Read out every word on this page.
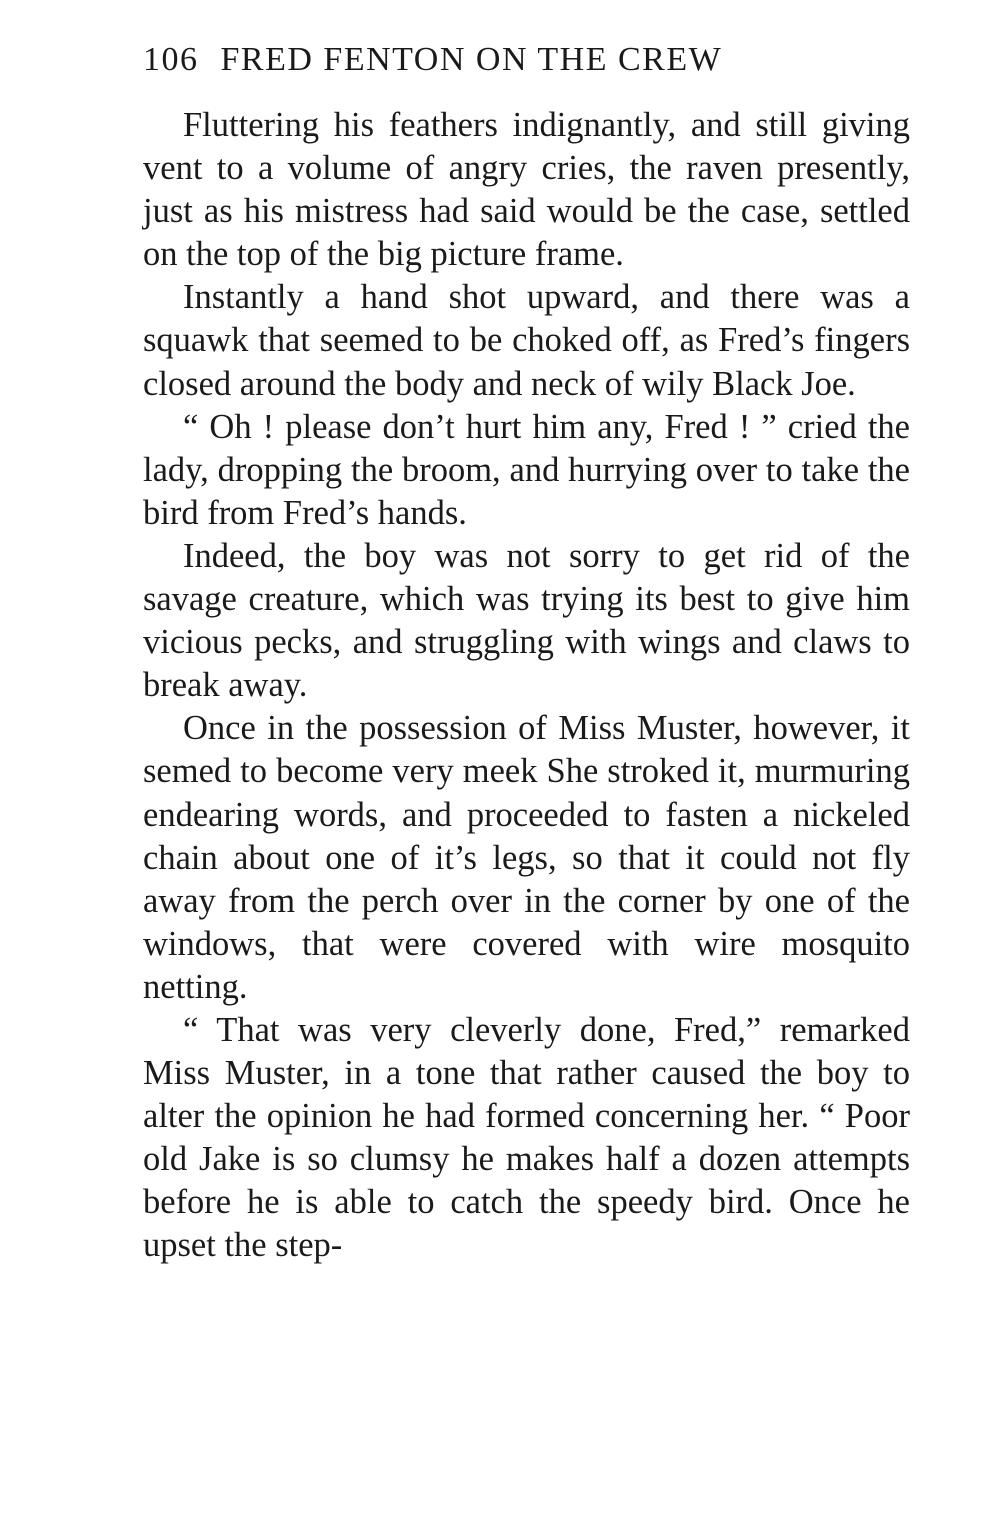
106 FRED FENTON ON THE CREW

Fluttering his feathers indignantly, and still giving vent to a volume of angry cries, the raven presently, just as his mistress had said would be the case, settled on the top of the big picture frame.

Instantly a hand shot upward, and there was a squawk that seemed to be choked off, as Fred’s fingers closed around the body and neck of wily Black Joe.

“ Oh ! please don’t hurt him any, Fred ! ” cried the lady, dropping the broom, and hurrying over to take the bird from Fred’s hands.

Indeed, the boy was not sorry to get rid of the savage creature, which was trying its best to give him vicious pecks, and struggling with wings and claws to break away.

Once in the possession of Miss Muster, however, it semed to become very meek She stroked it, murmuring endearing words, and proceeded to fasten a nickeled chain about one of it’s legs, so that it could not fly away from the perch over in the corner by one of the windows, that were covered with wire mosquito netting.

“ That was very cleverly done, Fred,” remarked Miss Muster, in a tone that rather caused the boy to alter the opinion he had formed concerning her. “ Poor old Jake is so clumsy he makes half a dozen attempts before he is able to catch the speedy bird. Once he upset the step-
